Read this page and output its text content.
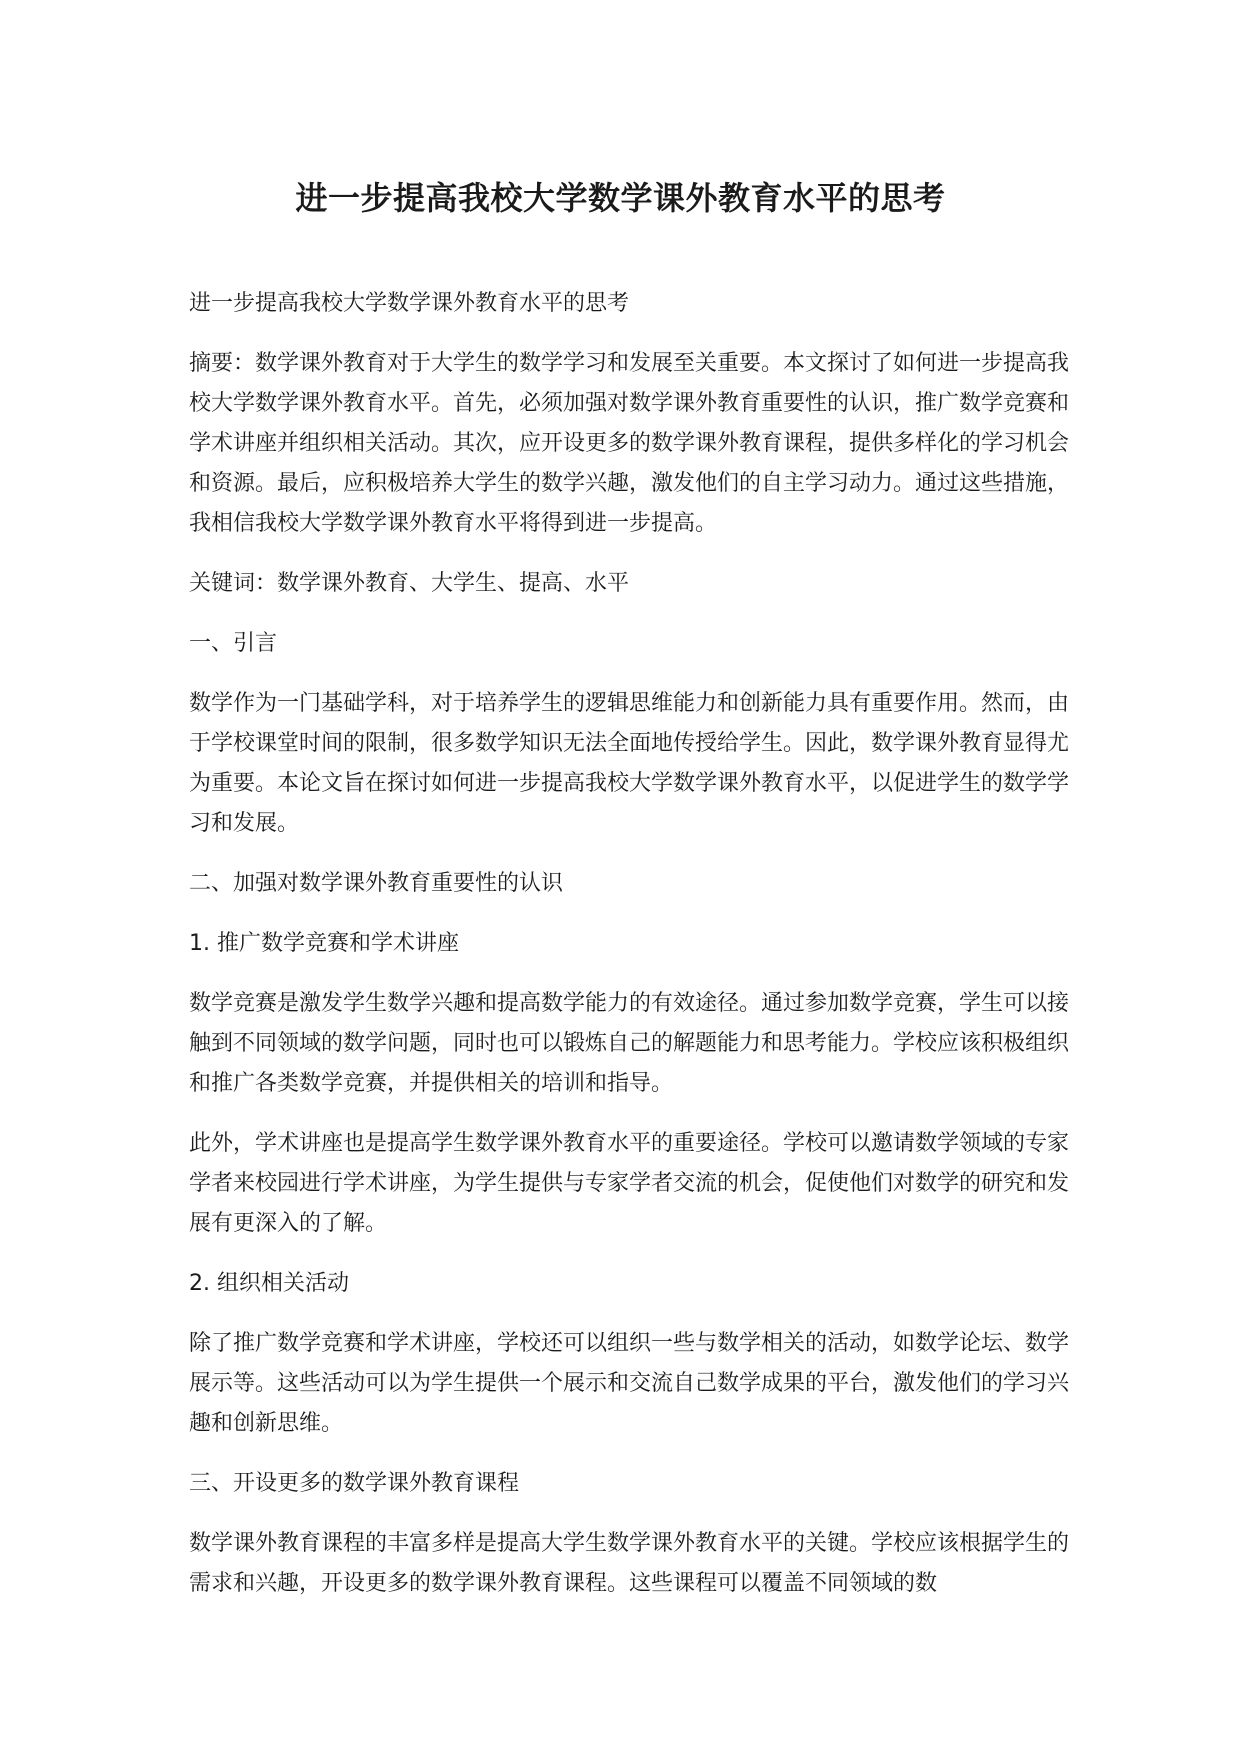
进一步提高我校大学数学课外教育水平的思考

进一步提高我校大学数学课外教育水平的思考

摘要：数学课外教育对于大学生的数学学习和发展至关重要。本文探讨了如何进一步提高我校大学数学课外教育水平。首先，必须加强对数学课外教育重要性的认识，推广数学竞赛和学术讲座并组织相关活动。其次，应开设更多的数学课外教育课程，提供多样化的学习机会和资源。最后，应积极培养大学生的数学兴趣，激发他们的自主学习动力。通过这些措施，我相信我校大学数学课外教育水平将得到进一步提高。

关键词：数学课外教育、大学生、提高、水平

一、引言

数学作为一门基础学科，对于培养学生的逻辑思维能力和创新能力具有重要作用。然而，由于学校课堂时间的限制，很多数学知识无法全面地传授给学生。因此，数学课外教育显得尤为重要。本论文旨在探讨如何进一步提高我校大学数学课外教育水平，以促进学生的数学学习和发展。

二、加强对数学课外教育重要性的认识

1. 推广数学竞赛和学术讲座

数学竞赛是激发学生数学兴趣和提高数学能力的有效途径。通过参加数学竞赛，学生可以接触到不同领域的数学问题，同时也可以锻炼自己的解题能力和思考能力。学校应该积极组织和推广各类数学竞赛，并提供相关的培训和指导。

此外，学术讲座也是提高学生数学课外教育水平的重要途径。学校可以邀请数学领域的专家学者来校园进行学术讲座，为学生提供与专家学者交流的机会，促使他们对数学的研究和发展有更深入的了解。

2. 组织相关活动

除了推广数学竞赛和学术讲座，学校还可以组织一些与数学相关的活动，如数学论坛、数学展示等。这些活动可以为学生提供一个展示和交流自己数学成果的平台，激发他们的学习兴趣和创新思维。

三、开设更多的数学课外教育课程

数学课外教育课程的丰富多样是提高大学生数学课外教育水平的关键。学校应该根据学生的需求和兴趣，开设更多的数学课外教育课程。这些课程可以覆盖不同领域的数
